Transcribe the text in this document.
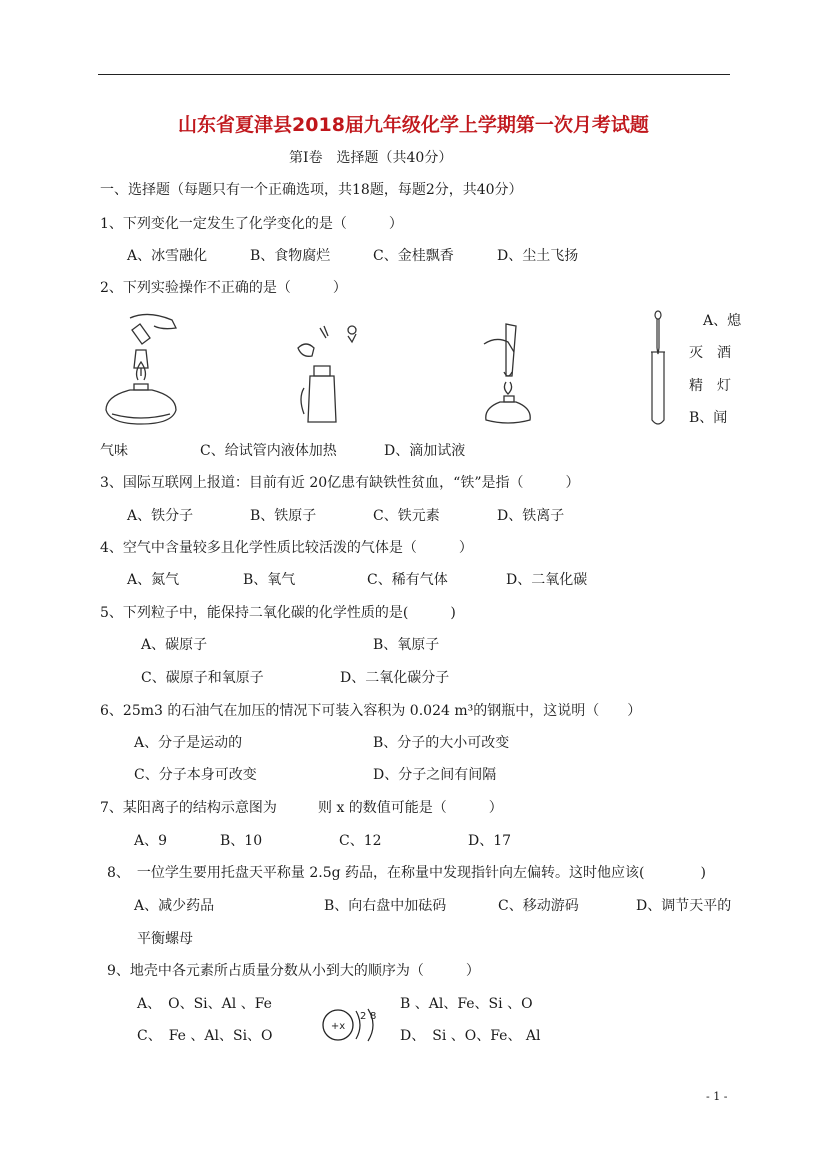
山东省夏津县2018届九年级化学上学期第一次月考试题
第Ⅰ卷　选择题（共40分）
一、选择题（每题只有一个正确选项，共18题，每题2分，共40分）
1、下列变化一定发生了化学变化的是（　　　）
A、冰雪融化	B、食物腐烂	C、金桂飘香	D、尘土飞扬
2、下列实验操作不正确的是（　　　）
A、熄
灭　酒
精　灯
B、闻
气味	C、给试管内液体加热	D、滴加试液
3、国际互联网上报道：目前有近 20亿患有缺铁性贫血，“铁”是指（　　　）
A、铁分子	B、铁原子	C、铁元素	D、铁离子
4、空气中含量较多且化学性质比较活泼的气体是（　　　）
A、氮气	B、氧气	C、稀有气体	D、二氧化碳
5、下列粒子中，能保持二氧化碳的化学性质的是(　　　)
A、碳原子	B、氧原子
C、碳原子和氧原子	D、二氧化碳分子
6、25m3 的石油气在加压的情况下可装入容积为 0.024 m³的钢瓶中，这说明（　　）
A、分子是运动的	B、分子的大小可改变
C、分子本身可改变	D、分子之间有间隔
7、某阳离子的结构示意图为	则 x 的数值可能是（　　　）
A、9	B、10	C、12	D、17
8、　一位学生要用托盘天平称量 2.5g 药品，在称量中发现指针向左偏转。这时他应该(　　　　)
A、减少药品	B、向右盘中加砝码	C、移动游码	D、调节天平的
平衡螺母
9、地壳中各元素所占质量分数从小到大的顺序为（　　　）
A、　O、Si、Al 、Fe	B 、Al、Fe、Si 、O
C、　Fe 、Al、Si、O	D、　Si 、O、Fe、 Al
+x
2 8
- 1 -
